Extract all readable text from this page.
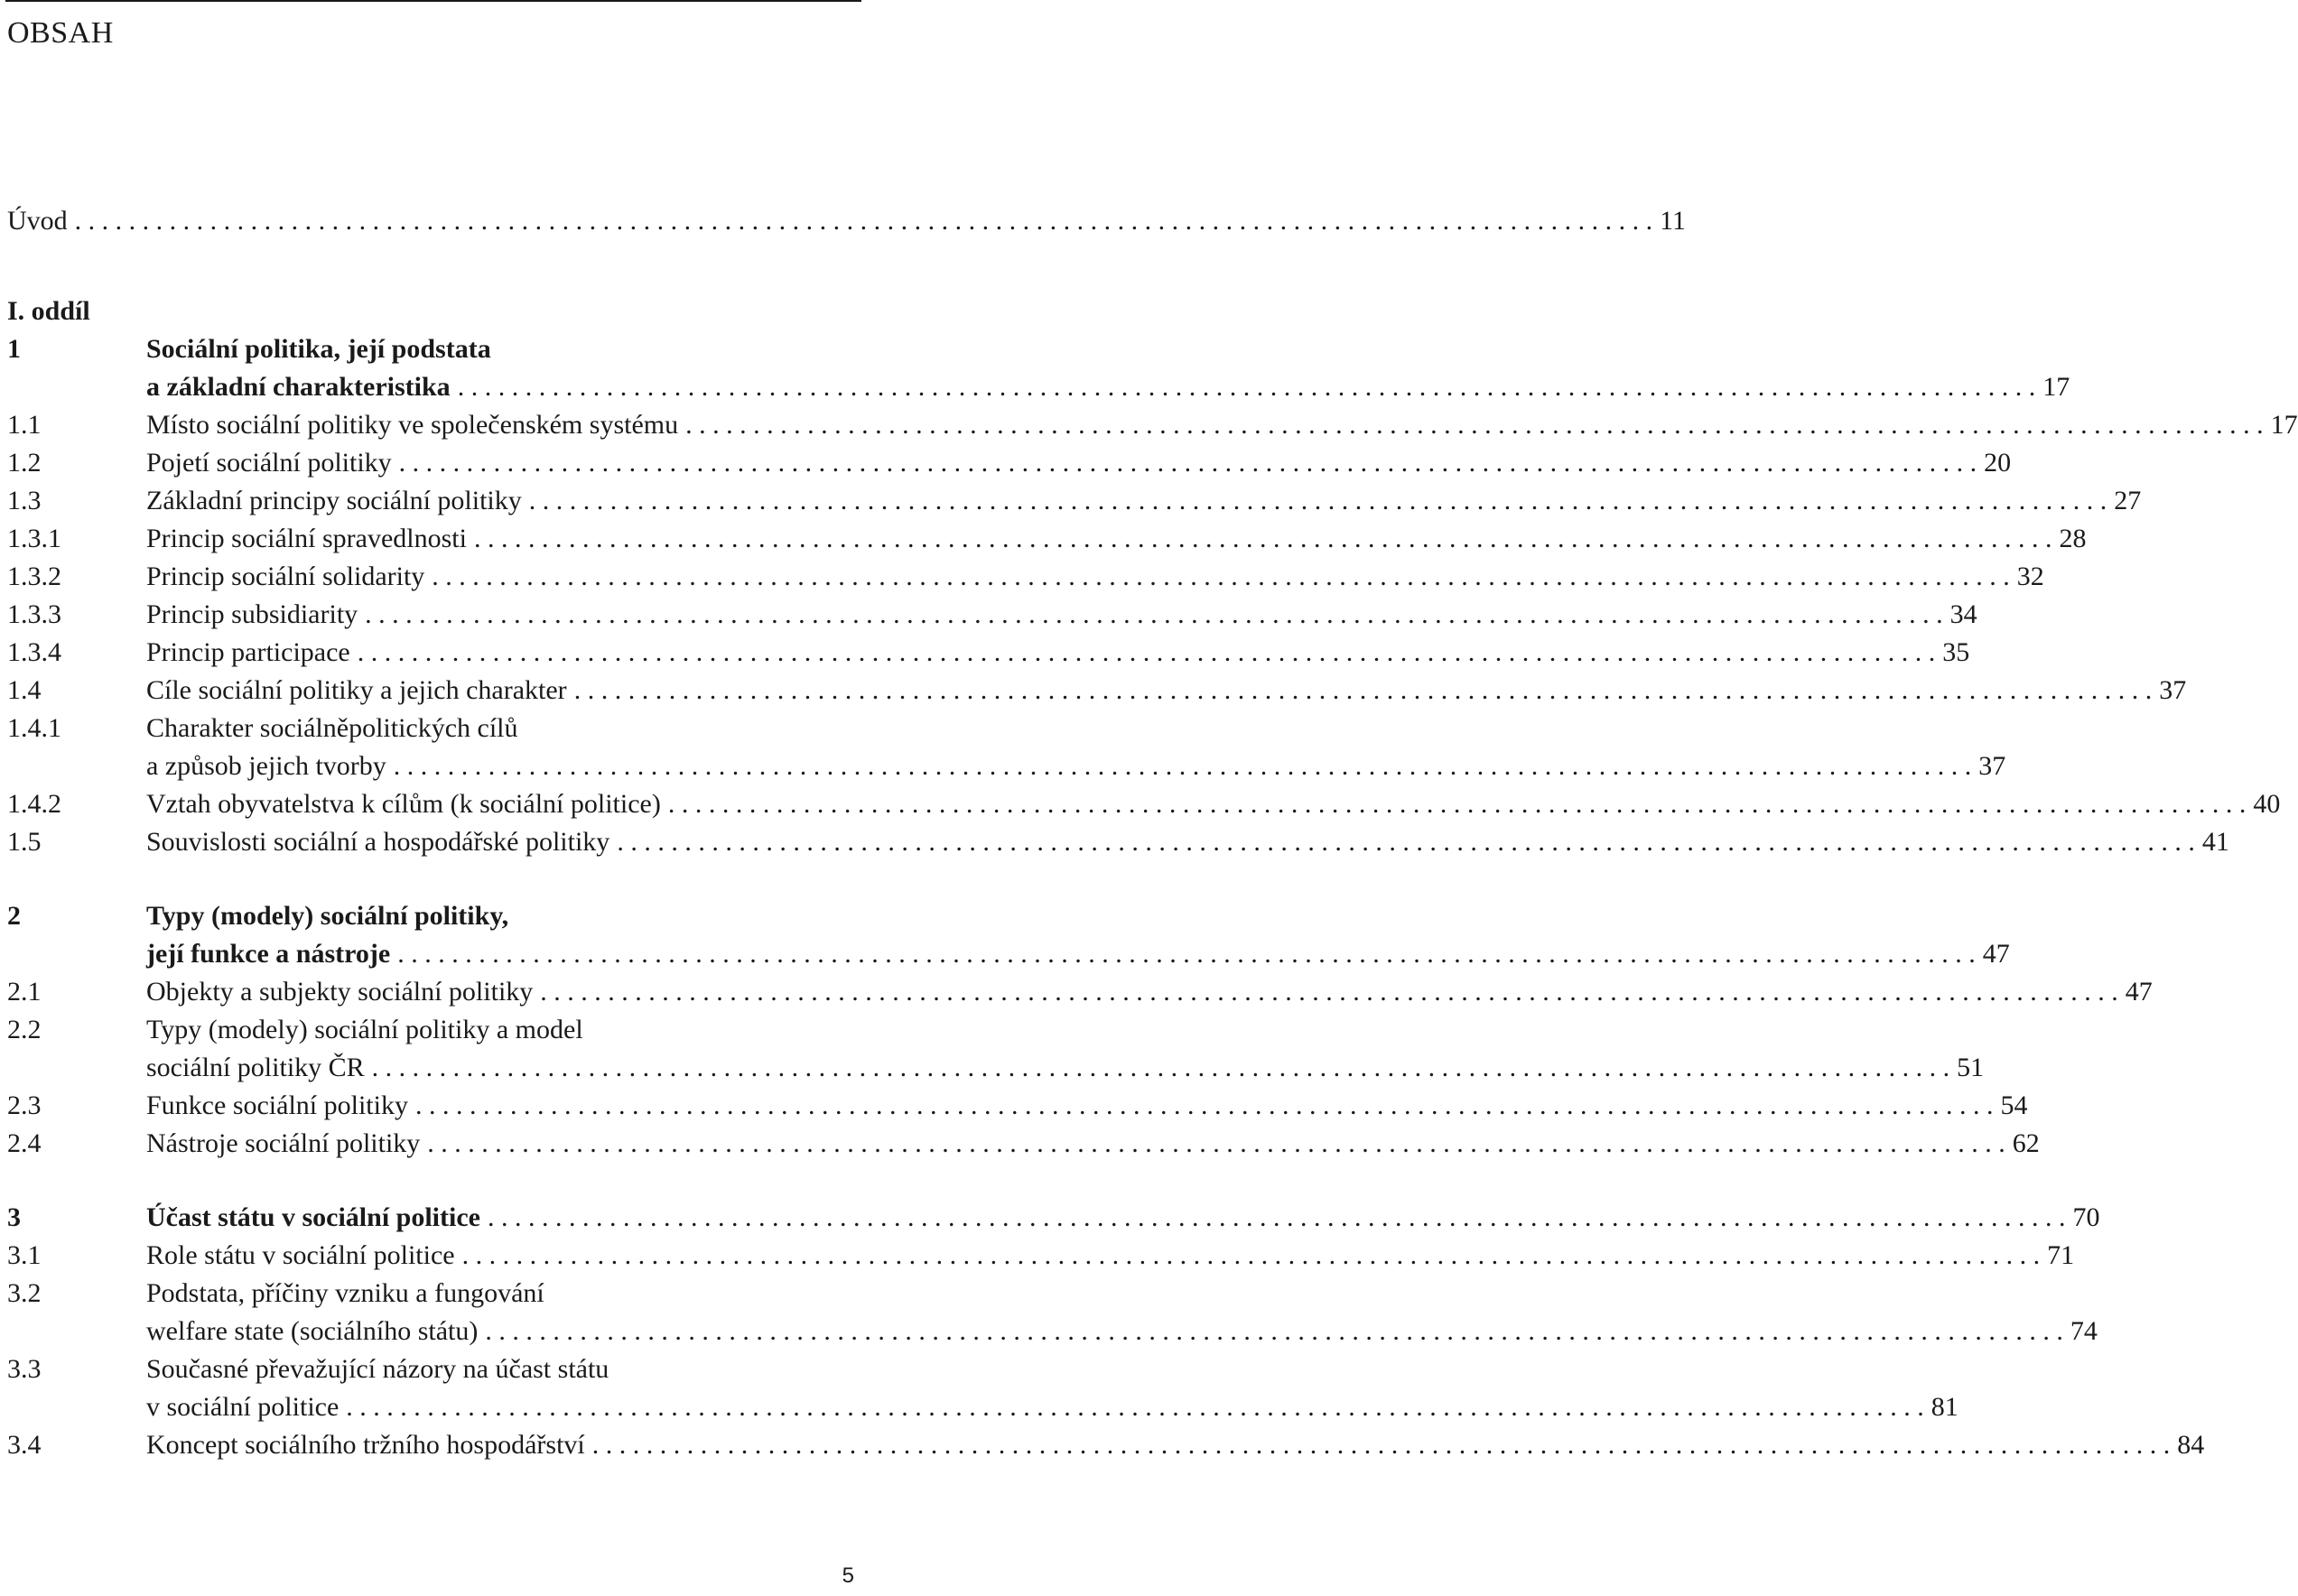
OBSAH
Úvod . . .	11
I. oddíl
1	Sociální politika, její podstata
a základní charakteristika . . .	17
1.1	Místo sociální politiky ve společenském systému . . .	17
1.2	Pojetí sociální politiky . . .	20
1.3	Základní principy sociální politiky . . .	27
1.3.1	Princip sociální spravedlnosti . . .	28
1.3.2	Princip sociální solidarity . . .	32
1.3.3	Princip subsidiarity . . .	34
1.3.4	Princip participace . . .	35
1.4	Cíle sociální politiky a jejich charakter . . .	37
1.4.1	Charakter sociálněpolitických cílů
a způsob jejich tvorby . . .	37
1.4.2	Vztah obyvatelstva k cílům (k sociální politice) . . .	40
1.5	Souvislosti sociální a hospodářské politiky . . .	41
2	Typy (modely) sociální politiky,
její funkce a nástroje . . .	47
2.1	Objekty a subjekty sociální politiky . . .	47
2.2	Typy (modely) sociální politiky a model
sociální politiky ČR . . .	51
2.3	Funkce sociální politiky . . .	54
2.4	Nástroje sociální politiky . . .	62
3	Účast státu v sociální politice . . .	70
3.1	Role státu v sociální politice . . .	71
3.2	Podstata, příčiny vzniku a fungování
welfare state (sociálního státu) . . .	74
3.3	Současné převažující názory na účast státu
v sociální politice . . .	81
3.4	Koncept sociálního tržního hospodářství . . .	84
5
